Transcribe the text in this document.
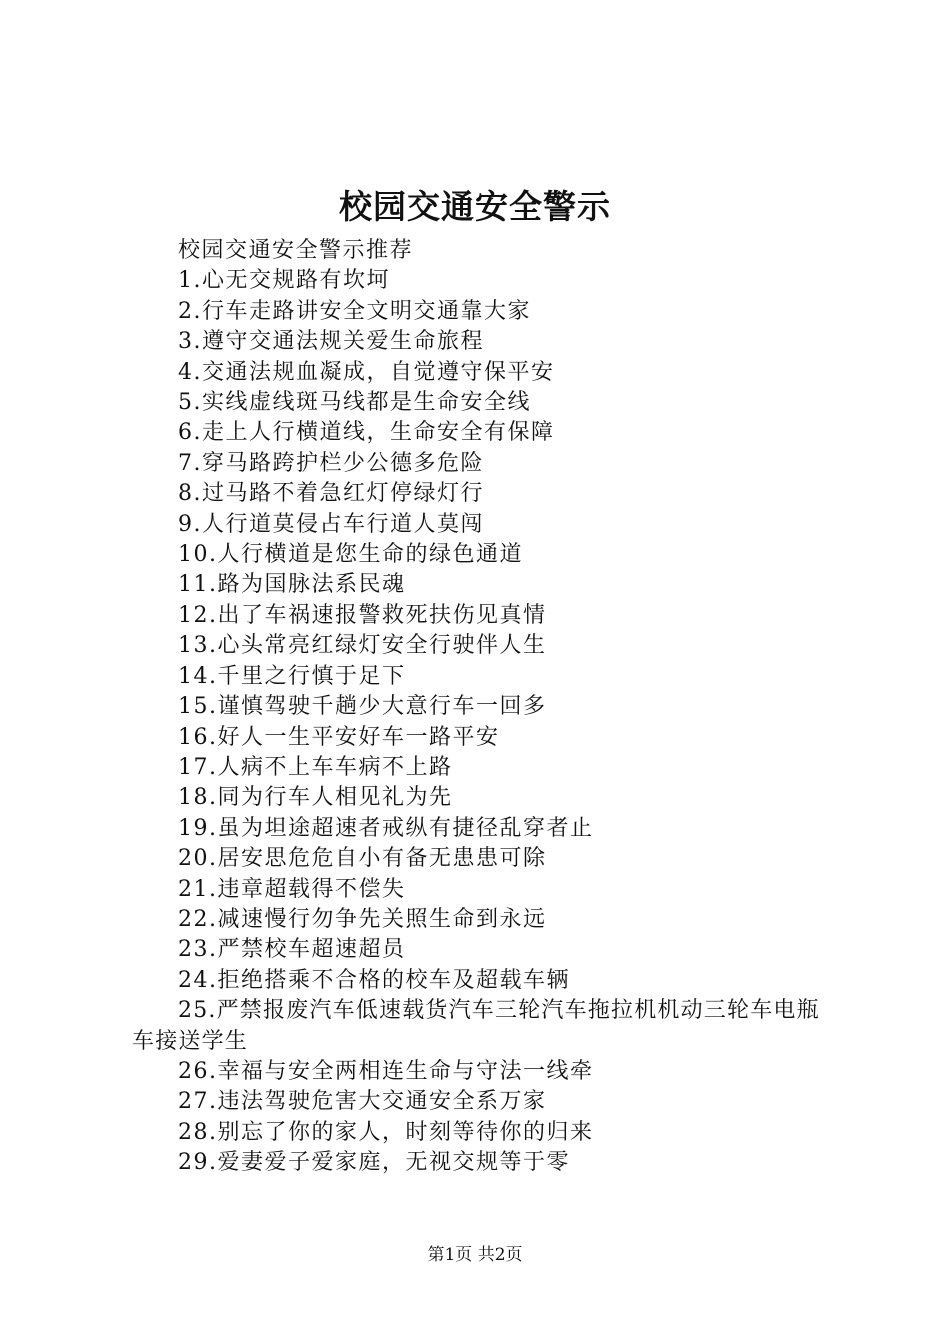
校园交通安全警示
校园交通安全警示推荐
1.心无交规路有坎坷
2.行车走路讲安全文明交通靠大家
3.遵守交通法规关爱生命旅程
4.交通法规血凝成，自觉遵守保平安
5.实线虚线斑马线都是生命安全线
6.走上人行横道线，生命安全有保障
7.穿马路跨护栏少公德多危险
8.过马路不着急红灯停绿灯行
9.人行道莫侵占车行道人莫闯
10.人行横道是您生命的绿色通道
11.路为国脉法系民魂
12.出了车祸速报警救死扶伤见真情
13.心头常亮红绿灯安全行驶伴人生
14.千里之行慎于足下
15.谨慎驾驶千趟少大意行车一回多
16.好人一生平安好车一路平安
17.人病不上车车病不上路
18.同为行车人相见礼为先
19.虽为坦途超速者戒纵有捷径乱穿者止
20.居安思危危自小有备无患患可除
21.违章超载得不偿失
22.减速慢行勿争先关照生命到永远
23.严禁校车超速超员
24.拒绝搭乘不合格的校车及超载车辆
25.严禁报废汽车低速载货汽车三轮汽车拖拉机机动三轮车电瓶车接送学生
26.幸福与安全两相连生命与守法一线牵
27.违法驾驶危害大交通安全系万家
28.别忘了你的家人，时刻等待你的归来
29.爱妻爱子爱家庭，无视交规等于零
第1页 共2页
